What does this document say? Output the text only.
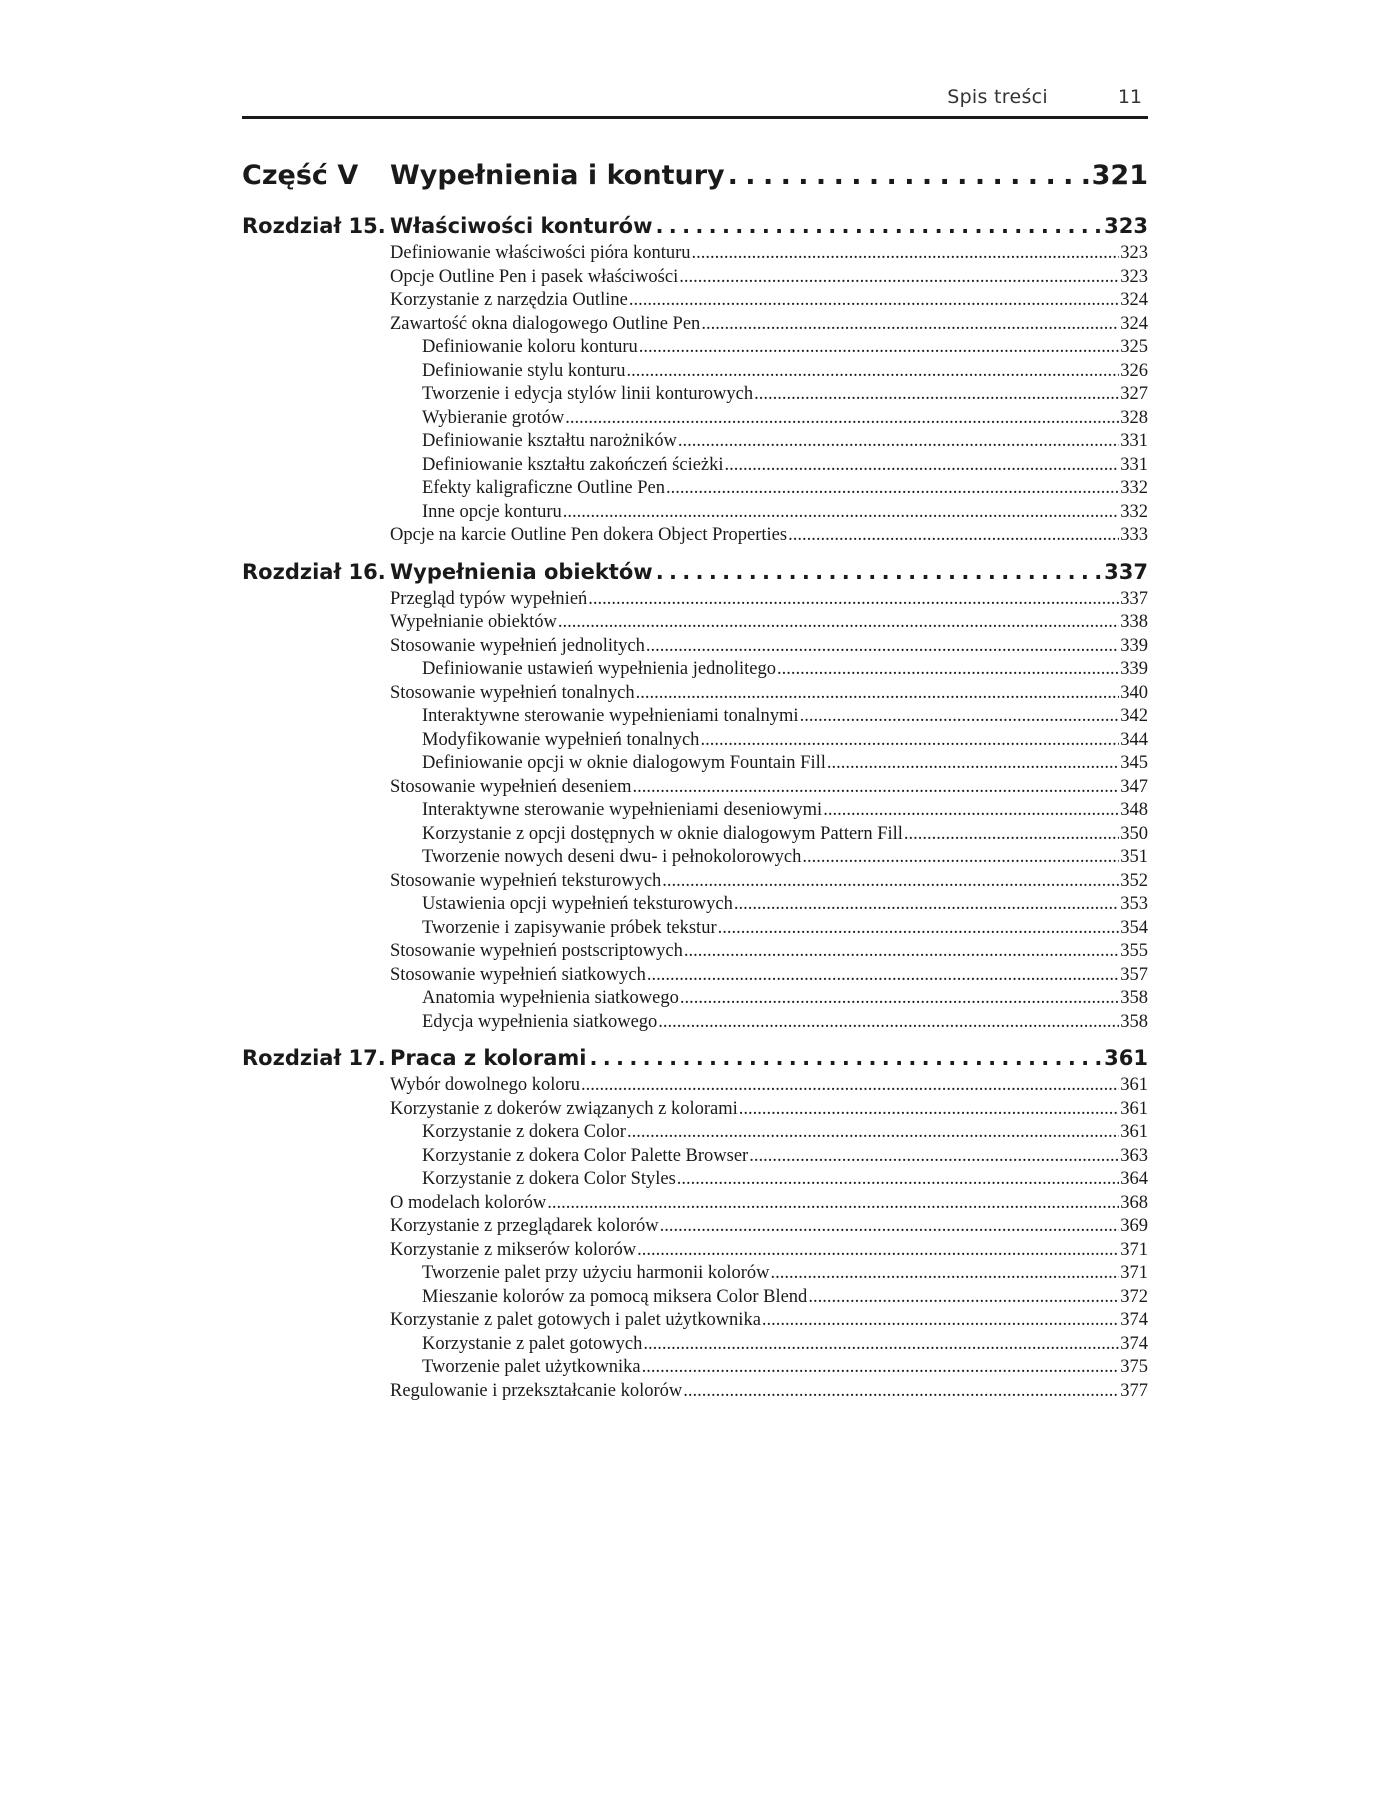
Spis treści	11
Część V Wypełnienia i kontury . . .	321
Rozdział 15. Właściwości konturów . . .	323
Definiowanie właściwości pióra konturu .....	323
Opcje Outline Pen i pasek właściwości .....	323
Korzystanie z narzędzia Outline .....	324
Zawartość okna dialogowego Outline Pen .....	324
Definiowanie koloru konturu .....	325
Definiowanie stylu konturu .....	326
Tworzenie i edycja stylów linii konturowych .....	327
Wybieranie grotów .....	328
Definiowanie kształtu narożników .....	331
Definiowanie kształtu zakończeń ścieżki .....	331
Efekty kaligraficzne Outline Pen .....	332
Inne opcje konturu .....	332
Opcje na karcie Outline Pen dokera Object Properties .....	333
Rozdział 16. Wypełnienia obiektów . . .	337
Przegląd typów wypełnień .....	337
Wypełnianie obiektów .....	338
Stosowanie wypełnień jednolitych .....	339
Definiowanie ustawień wypełnienia jednolitego .....	339
Stosowanie wypełnień tonalnych .....	340
Interaktywne sterowanie wypełnieniami tonalnymi .....	342
Modyfikowanie wypełnień tonalnych .....	344
Definiowanie opcji w oknie dialogowym Fountain Fill .....	345
Stosowanie wypełnień deseniem .....	347
Interaktywne sterowanie wypełnieniami deseniowymi .....	348
Korzystanie z opcji dostępnych w oknie dialogowym Pattern Fill .....	350
Tworzenie nowych deseni dwu- i pełnokolorowych .....	351
Stosowanie wypełnień teksturowych .....	352
Ustawienia opcji wypełnień teksturowych .....	353
Tworzenie i zapisywanie próbek tekstur .....	354
Stosowanie wypełnień postscriptowych .....	355
Stosowanie wypełnień siatkowych .....	357
Anatomia wypełnienia siatkowego .....	358
Edycja wypełnienia siatkowego .....	358
Rozdział 17. Praca z kolorami . . .	361
Wybór dowolnego koloru .....	361
Korzystanie z dokerów związanych z kolorami .....	361
Korzystanie z dokera Color .....	361
Korzystanie z dokera Color Palette Browser .....	363
Korzystanie z dokera Color Styles .....	364
O modelach kolorów .....	368
Korzystanie z przeglądarek kolorów .....	369
Korzystanie z mikserów kolorów .....	371
Tworzenie palet przy użyciu harmonii kolorów .....	371
Mieszanie kolorów za pomocą miksera Color Blend .....	372
Korzystanie z palet gotowych i palet użytkownika .....	374
Korzystanie z palet gotowych .....	374
Tworzenie palet użytkownika .....	375
Regulowanie i przekształcanie kolorów .....	377
